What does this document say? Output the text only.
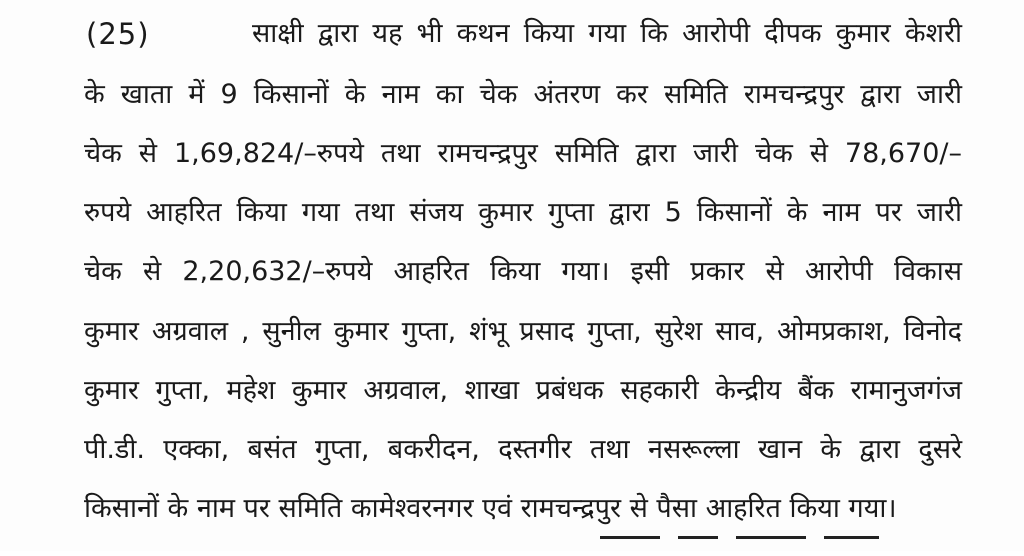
(25)	साक्षी द्वारा यह भी कथन किया गया कि आरोपी दीपक कुमार केशरी
के खाता में 9 किसानों के नाम का चेक अंतरण कर समिति रामचन्द्रपुर द्वारा जारी
चेक से 1,69,824/–रुपये तथा रामचन्द्रपुर समिति द्वारा जारी चेक से 78,670/–
रुपये आहरित किया गया तथा संजय कुमार गुप्ता द्वारा 5 किसानों के नाम पर जारी
चेक से 2,20,632/–रुपये आहरित किया गया। इसी प्रकार से आरोपी विकास
कुमार अग्रवाल , सुनील कुमार गुप्ता, शंभू प्रसाद गुप्ता, सुरेश साव, ओमप्रकाश, विनोद
कुमार गुप्ता, महेश कुमार अग्रवाल, शाखा प्रबंधक सहकारी केन्द्रीय बैंक रामानुजगंज
पी.डी. एक्का, बसंत गुप्ता, बकरीदन, दस्तगीर तथा नसरूल्ला खान के द्वारा दुसरे
किसानों के नाम पर समिति कामेश्वरनगर एवं रामचन्द्रपुर से पैसा आहरित किया गया।
